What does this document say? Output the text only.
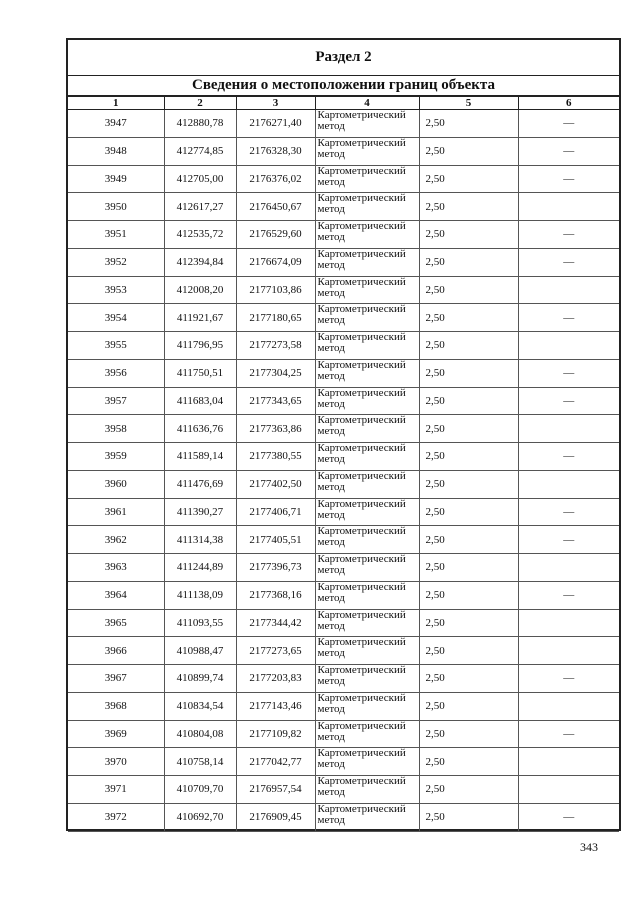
Раздел 2
Сведения о местоположении границ объекта
1	2	3	4	5	6
3947	412880,78	2176271,40	Картометрический метод	2,50	—
3948	412774,85	2176328,30	Картометрический метод	2,50	—
3949	412705,00	2176376,02	Картометрический метод	2,50	—
3950	412617,27	2176450,67	Картометрический метод	2,50	
3951	412535,72	2176529,60	Картометрический метод	2,50	—
3952	412394,84	2176674,09	Картометрический метод	2,50	—
3953	412008,20	2177103,86	Картометрический метод	2,50	
3954	411921,67	2177180,65	Картометрический метод	2,50	—
3955	411796,95	2177273,58	Картометрический метод	2,50	
3956	411750,51	2177304,25	Картометрический метод	2,50	—
3957	411683,04	2177343,65	Картометрический метод	2,50	—
3958	411636,76	2177363,86	Картометрический метод	2,50	
3959	411589,14	2177380,55	Картометрический метод	2,50	—
3960	411476,69	2177402,50	Картометрический метод	2,50	
3961	411390,27	2177406,71	Картометрический метод	2,50	—
3962	411314,38	2177405,51	Картометрический метод	2,50	—
3963	411244,89	2177396,73	Картометрический метод	2,50	
3964	411138,09	2177368,16	Картометрический метод	2,50	—
3965	411093,55	2177344,42	Картометрический метод	2,50	
3966	410988,47	2177273,65	Картометрический метод	2,50	
3967	410899,74	2177203,83	Картометрический метод	2,50	—
3968	410834,54	2177143,46	Картометрический метод	2,50	
3969	410804,08	2177109,82	Картометрический метод	2,50	—
3970	410758,14	2177042,77	Картометрический метод	2,50	
3971	410709,70	2176957,54	Картометрический метод	2,50	
3972	410692,70	2176909,45	Картометрический метод	2,50	—
343
